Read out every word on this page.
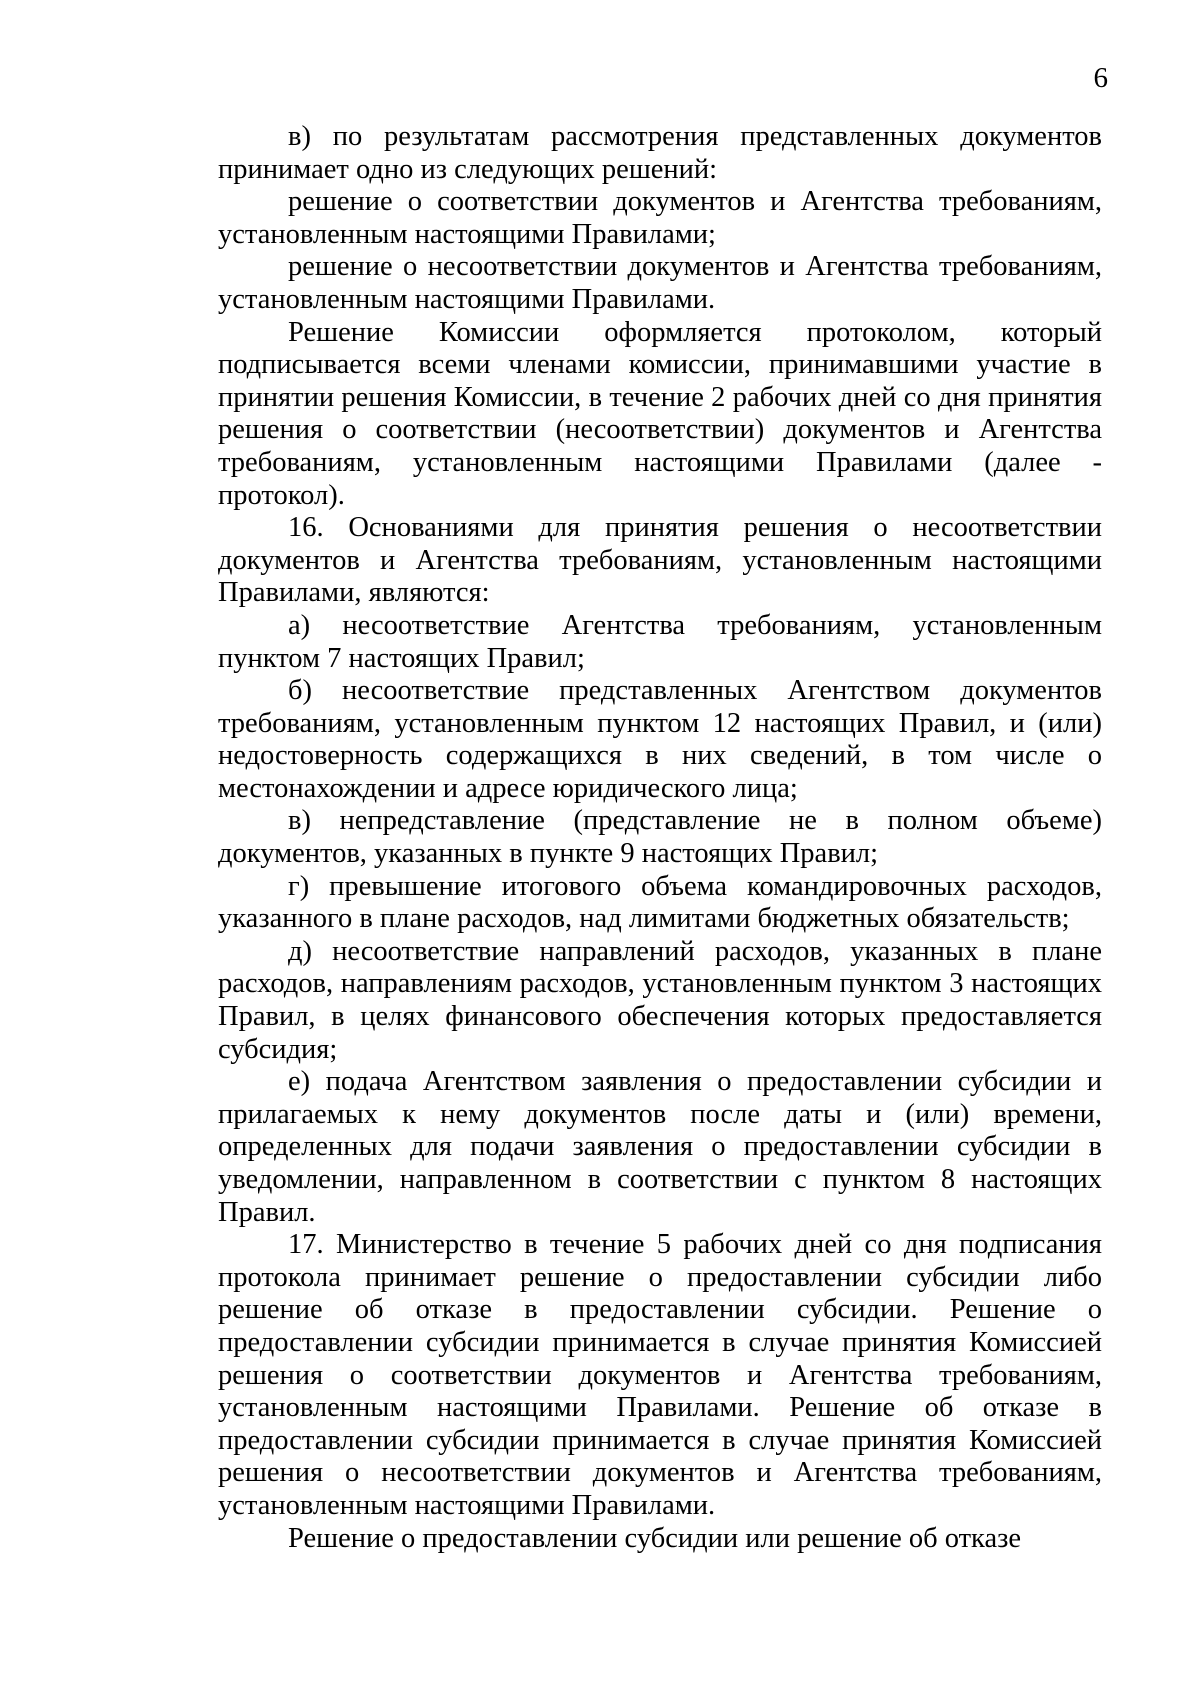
6

в) по результатам рассмотрения представленных документов принимает одно из следующих решений:

решение о соответствии документов и Агентства требованиям, установленным настоящими Правилами;

решение о несоответствии документов и Агентства требованиям, установленным настоящими Правилами.

Решение Комиссии оформляется протоколом, который подписывается всеми членами комиссии, принимавшими участие в принятии решения Комиссии, в течение 2 рабочих дней со дня принятия решения о соответствии (несоответствии) документов и Агентства требованиям, установленным настоящими Правилами (далее - протокол).

16. Основаниями для принятия решения о несоответствии документов и Агентства требованиям, установленным настоящими Правилами, являются:

а) несоответствие Агентства требованиям, установленным пунктом 7 настоящих Правил;

б) несоответствие представленных Агентством документов требованиям, установленным пунктом 12 настоящих Правил, и (или) недостоверность содержащихся в них сведений, в том числе о местонахождении и адресе юридического лица;

в) непредставление (представление не в полном объеме) документов, указанных в пункте 9 настоящих Правил;

г) превышение итогового объема командировочных расходов, указанного в плане расходов, над лимитами бюджетных обязательств;

д) несоответствие направлений расходов, указанных в плане расходов, направлениям расходов, установленным пунктом 3 настоящих Правил, в целях финансового обеспечения которых предоставляется субсидия;

е) подача Агентством заявления о предоставлении субсидии и прилагаемых к нему документов после даты и (или) времени, определенных для подачи заявления о предоставлении субсидии в уведомлении, направленном в соответствии с пунктом 8 настоящих Правил.

17. Министерство в течение 5 рабочих дней со дня подписания протокола принимает решение о предоставлении субсидии либо решение об отказе в предоставлении субсидии. Решение о предоставлении субсидии принимается в случае принятия Комиссией решения о соответствии документов и Агентства требованиям, установленным настоящими Правилами. Решение об отказе в предоставлении субсидии принимается в случае принятия Комиссией решения о несоответствии документов и Агентства требованиям, установленным настоящими Правилами.

Решение о предоставлении субсидии или решение об отказе
